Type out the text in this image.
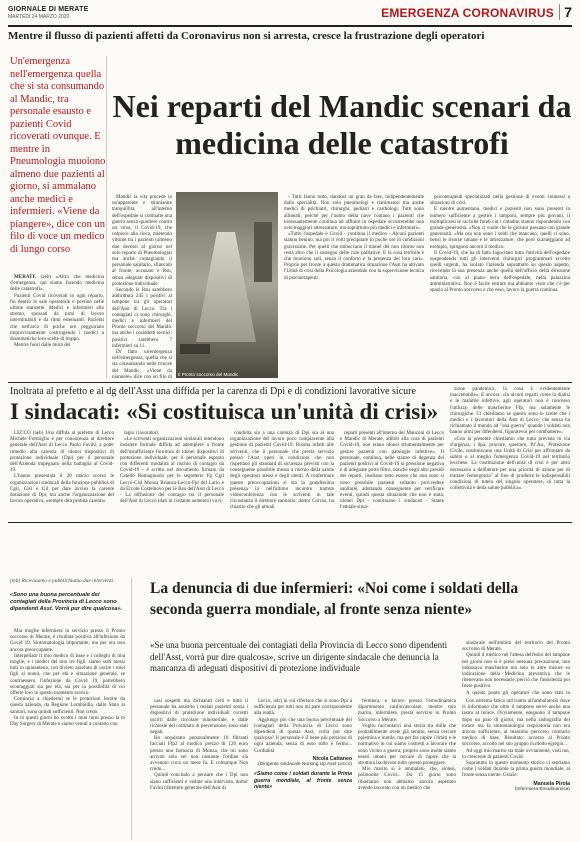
GIORNALE DI MERATE
MARTEDÌ 24 MARZO 2020	EMERGENZA CORONAVIRUS 7
Mentre il flusso di pazienti affetti da Coronavirus non si arresta, cresce la frustrazione degli operatori
Un'emergenza nell'emergenza quella che si sta consumando al Mandic, tra personale esausto e pazienti Covid ricoverati ovunque. E mentre in Pneumologia muoiono almeno due pazienti al giorno, si ammalano anche medici e infermieri. «Viene da piangere», dice con un filo di voce un medico di lungo corso
Nei reparti del Mandic scenari da medicina delle catastrofi

MERATE (aeb) «Altro che medicina d'emergenza, qui siamo facendo medicina delle catastrofi».

Pazienti Covid ricoverati in ogni reparto, fin dentro le sale operatorie e persino nelle ultime stanzette. Medici e infermieri allo stremo, spossati da turni di lavoro interminabili e da ritmi estenuanti. Pazienti che nell'arco di poche ore peggiorano improvvisamente costringendo i medici a drammatiche loro scelte di troppo.

Mentre fuori dalle mura del

Mandic la vita procede in un'apparente e stranianite tranquillità, all'interno dell'ospedale si combatte una guerra senza quartiere contro un virus, il Covid-19, che colpisce alla cieca, mietendo vittime tra i pazienti (almeno due decessi al giorno nel solo reparto di Pneumologia) ma anche contagiando il personale sanitario, sfiancato al fronte, accusato e Rsu, senza adeguati dispositivi di protezione individuale.

Secondo le Rsu sarebbero addirittura 245 i positivi al tampone tra gli operatori dell'Asst di Lecco. Tra i contagiati ci sono chirurghi, medici e infermieri del Pronto soccorso del Mandic ma anche i cosiddetti tecnici: positivi sarebbero 7 infermieri su 11.

Di fatto un'emergenza nell'emergenza, quella che si sta consumando nelle trincee del Mandic. «Viene da piangere» dice con un filo di	Il Pronto soccorso del Mandic

- Tutti fanno tutto, dandosi un gran da fare, indipendentemente dalla specialità. Non solo pneumologi e rianimatori ma anche medici di psichiatri, chirurghi, pediatri e cardiologi. Tutti sono allineati, perché per l'uomo della nave contano i pazienti che incessantemente continua ad affluire in ospedale occorrerebbe non solo maggiori attrezzature, ma soprattutto più medici e infermieri».

«Tutto l'ospedale è Covid - continua il medico - Alcuni pazienti stanno benino, ma poi il volti precipitare in poche ore in condizioni gravissime. Per quelli che imboccano il tunnel del non ritorno non resta altro che il sostegno delle cure palliative. E la cosa terribile è che muoiono soli, senza il conforto e la presenza dei loro cari». Proprio per fronte a questa drammatica situazione l'Asst ha attivato l'Unità di crisi della Psicologia aziendale con la supervisione tecnica di psicoterapeuti

psicoterapeuti specializzati nella gestione di eventi connessi a situazioni di crisi.

E mentre aumentano, medici e pazienti non sono presenti in numero sufficiente a gestire i tamponi, sempre più giovani, il moltiplicarsi le raccolte fondi cui i cittadini stanno rispondendo con grande generosità. «Non ci vuole che le giovani passano con grande generosità. «Ma ora non sono i soldi che mancano, quelli ci sono, bensì le risorse umane e le attrezzature, che però scarseggiano ad esempio, spingono ancora il medico.

Il Covid-19, che ha di fatto fagocitato tutta l'attività dell'ospedale sospendendo tutti gli interventi chirurgici programmati eccetto quelli urgenti, ha isolato l'azienda soprattutto su questo aspetto, ricevendo la sua presenza anche quella dell'ufficio della direzione sanitaria, con al piano terra dell'ospedale, nella palazzina amministrativa. Non è facile entrare ma abbiamo visto che c'è per spazio al Pronto soccorso e che esso, lavoro la guerra continua.

Inoltrata al prefetto e al dg dell'Asst una diffida per la carenza di Dpi e di condizioni lavorative sicure
I sindacati: «Si costituisca un'unità di crisi»

LECCO (aeb) Una diffida al prefetto di Lecco Michele Formiglio e per conoscenza al direttore generale dell'Asst di Lecco Paolo Favini, a poter rimedio alla carenza di idonei dispositivi di protezione individuale (Dpi) per il personale dell'Azienda impegnato nella battaglia al Covid-19.

L'hanno presentata il 20 marzo scorso le organizzazioni sindacali della funzione pubblica di Cgil, Cisl e Uil per dare avviso la carente dotazione di Dpi, ma anche l'organizzazione del lavoro operativa, «sempre dita probità carenti».

tagio i lavoratori.

«Le scriventi organizzazioni sindacali intendono insistere formale diffida ad adempiere a fronte dell'insufficiente fornitura di idonei dispositivi di protezione individuale, per il personale esposto con differenti modalità al rischio di contagio da Covid-19 - è scritto nel documento firmato da Catello Romagnuolo per le segreterie Fp Cgil Lecco-Cisl Monza Brianza-Lecco-Fpl del Lario e da Ercole Costelnovo per le Rsu dell'Asst di Lecco - La diffusione del contagio tra il personale dell'Asst di Lecco (dati in costante aumento) va ri-

condotta sia a una carenza di Dpi sia al una organizzazione del lavoro poco compiacente alla gestione di pazienti Covid-19. Risulta infatti alle scriventi, che il personale che presta servizio presso l'Asst operi in condizioni che non rispettano gli standard di sicurezza previsti con la conseguente possibile messa a rischio della salute degli operatori stessi e degli utenti. A confermare questo preoccupazioni si sta la grandissima presenza in nell'ultimo incontro tramite videoconferenza con le scriventi in tale circostanza il direttore sanitario, dottor Corrao, ha chiarito che gli attuali

reparti presenti all'interno del Manzoni di Lecco e Mandic di Merate, adibiti alla cura di pazienti Covid-19, non erano idonei strumentalmente per gestire pazienti con patologie infettive». Il personale, continua, nelle stanze di degenza del pazienti positivi al Covid-19 si pressione negativa e di adeguate porte filtro, nonché negli altri presidi dei reparti, risultano tutto essere che non sono si sono possibile pazienti soltanto provvedere sanitarie, adottando conseguente per verificare eventi, quindi questa situazione che non è stata, idonei Dpi - continuano i sindacati - Stante l'attuale situa-

zione pandemica, la cosa è evidentemente inaccettabile». E ancora: «In alcuni reparti come la dialisi e le malattie infettive, agli operatori non è concesso l'utilizzo delle mascherine Ffp, ma solamente le chirurgiche. Ci chiediamo se questo sono le scelte che i medici e i lavoratori della Asst di Lecco, che senza ha richiamato il mondo ad "una guerra" quando i soldati non hanno armi per difendersi, figuratevoi per combattere».

«Con la presente chiediamo che tutta prevista in via d'urgenza, i dpa, procure, questure, P.f.Aa., Protezione Civile, costituiscano una Unità di Crisi per affrontare da subito e al meglio l'emergenza Covid-19 nel territorio lecchese. La costituzione dell'unità di crisi è per altro necessaria a deliberare per una priorità di azione per di trattare l'emergenza" al fine di produrre le indispensabili condizioni di tutela del singolo operatore, di tutta la collettività e della salute pubblica».

(mb) Ricevuiamo e pubblichiamo due interventi.
«Sono una buona percentuale dei contagiati della Provincia di Lecco sono dipendenti Asst. Vorrà pur dire qualcosa».

Mia moglie infermiera in servizio presso il Pronto soccorso di Merate, è risultata positiva all'infezione da Covid 19. Sintomatologia importante, ma per ora non ancora preoccupante.

Interpellato il mio medico di base e i colleghi di mia moglie, e i medici del mio tre figli. siamo stati messi tutti in quarantena, con divieto assoluto di uscire i miei figli ai nonni, che per età e situazione generale, se contraessero l'infezione da Covid 19, potrebbero scontaggiati sia per età, sia per la possibilità di cui offerte loro in questo momento storico.

Comincio a chiedermi se le protezioni fornite da questa azienda, da Regione Lombardia, dallo Stato ai sanitari, sono quindi sufficienti. Non credo.

In in questi giorni ho svolto i miei turni presso la m Day Surgery di Merate e siamo venuti a contatto con

La denuncia di due infermieri: «Noi come i soldati della seconda guerra mondiale, al fronte senza niente»
«Se una buona percentuale dei contagiati della Provincia di Lecco sono dipendenti dell'Asst, vorrà pur dire qualcosa», scrive un dirigente sindacale che denuncia la mancanza di adeguati dispositivi di protezione individuale

casi sospetti ma dichiarati certi e tutto il personale ha assistito i malati pazienti senza i dispositivi di protezione individuali corretti uscirti dalle circolare ministeriale, e dalle richieste del comitato di prevenzione, sono stati negati.

Ho acquistato personalmente 10 filtranti facciali Ffp2 al modico prezzo di 120 euro presso una farmacia di Monza, che mi sono arrivati solo sei non nostante l'ordine sia avvenuto circa un mese fa. E comunque Non credo...

Quindi concludo a pensare che i Dpi non siano sufficienti e vedute una intervista, dottor Favini (direttore generale dell'Asst di

Lecco, ndr) in cui riferisce che si sono Dpi a sufficienza per tutti non mi pare corrispondente alla realtà.

Aggiungo poi che una buona percentuale dei contagiati della Provincia di Lecco sono dipendenti di questa Asst, vorrà pur dire qualcosa? Il personale è il bene più prezioso di ogni azienda, senza di esso tutto è fermo... Cordialità

Nicola Cattaneo
(Dirigente sindacale Nursing Up Asst Lecco)
«Siamo come i soldati durante la Prima guerra mondiale, al fronte senza niente»

fermiera, e lavoro presso l'emodinamica dipartimento cardiovascolare, mentre mio marito, infermiere, presta servizio in Pronto Soccorso a Merate.

Voglio raccontarvi una storia tra mille che probabilmente avete già sentito, senza cercare polemica e inutile, ma per far capire i limiti e le normative in cui siamo costretti a lavorare che sono vicino a guerra, proprio sono molte siamo esseri umani per cercare di capire che la struttura ha dovuto tutto questo proteggere.

Mio marito si è ammalato, che, sintesi, polmonite Covid... Da 15 giorni sono ribadiamo non abbiamo ancora aspettato avendo lavorato con un medico che

sindacale nell'ambito del territorio del Pronto soccorso di Merate.

Quindi il medico nel l'attesa dell'esito del tampone nei giorni non si è preso nessuna precauzione, non indossava mascherine ma solo le altre misure su indicazione della Medicina preventiva che le ritenevano non necessarie, perciò che l'assistenza poi fosse positivo.

A questo punto gli operatori che sono stati in

Con estrema fatica arriviamo all'ambulatorio dove ci informano che oltre il tampone serve anche una lastra al torace. Ovviamente, eseguono il tampone dopo un paio di giorni, ma nella radiografia del torace ma fa sintomatologia respiratoria non era ancora sufficiente, al massimo percorso contrario medico di base. Risultato: accesso al Pronto soccorso, accolto nel suo gruppo in modo egregio...

Ad oggi mio marito sta male ovviamente, visti noi, in crescente di pazienti Covid.

Sopratutto in questo momento storico ci sentiamo come i soldati durante la prima guerra mondiale, al fronte senza niente. Grazie.

Manuela Pirola
(Infermiera Emodinamica)
